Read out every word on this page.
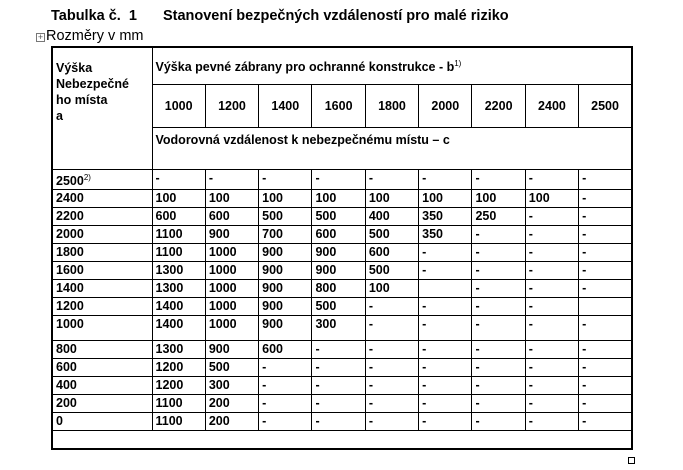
Tabulka č.  1 Stanovení bezpečných vzdáleností pro malé riziko
+ Rozměry v mm
Výška
Nebezpečné
ho místa
a	Výška pevné zábrany pro ochranné konstrukce - $b^{1)}$
	1000	1200	1400	1600	1800	2000	2200	2400	2500
	Vodorovná vzdálenost k nebezpečnému místu – c								
2500$^{2)}$	-	-	-	-	-	-	-	-	-
2400	100	100	100	100	100	100	100	100	-
2200	600	600	500	500	400	350	250	-	-
2000	1100	900	700	600	500	350	-	-	-
1800	1100	1000	900	900	600	-	-	-	-
1600	1300	1000	900	900	500	-	-	-	-
1400	1300	1000	900	800	100		-	-	-
1200	1400	1000	900	500	-	-	-	-	
1000	1400	1000	900	300	-	-	-	-	-
800	1300	900	600	-	-	-	-	-	-
600	1200	500	-	-	-	-	-	-	-
400	1200	300	-	-	-	-	-	-	-
200	1100	200	-	-	-	-	-	-	-
0	1100	200	-	-	-	-	-	-	-
